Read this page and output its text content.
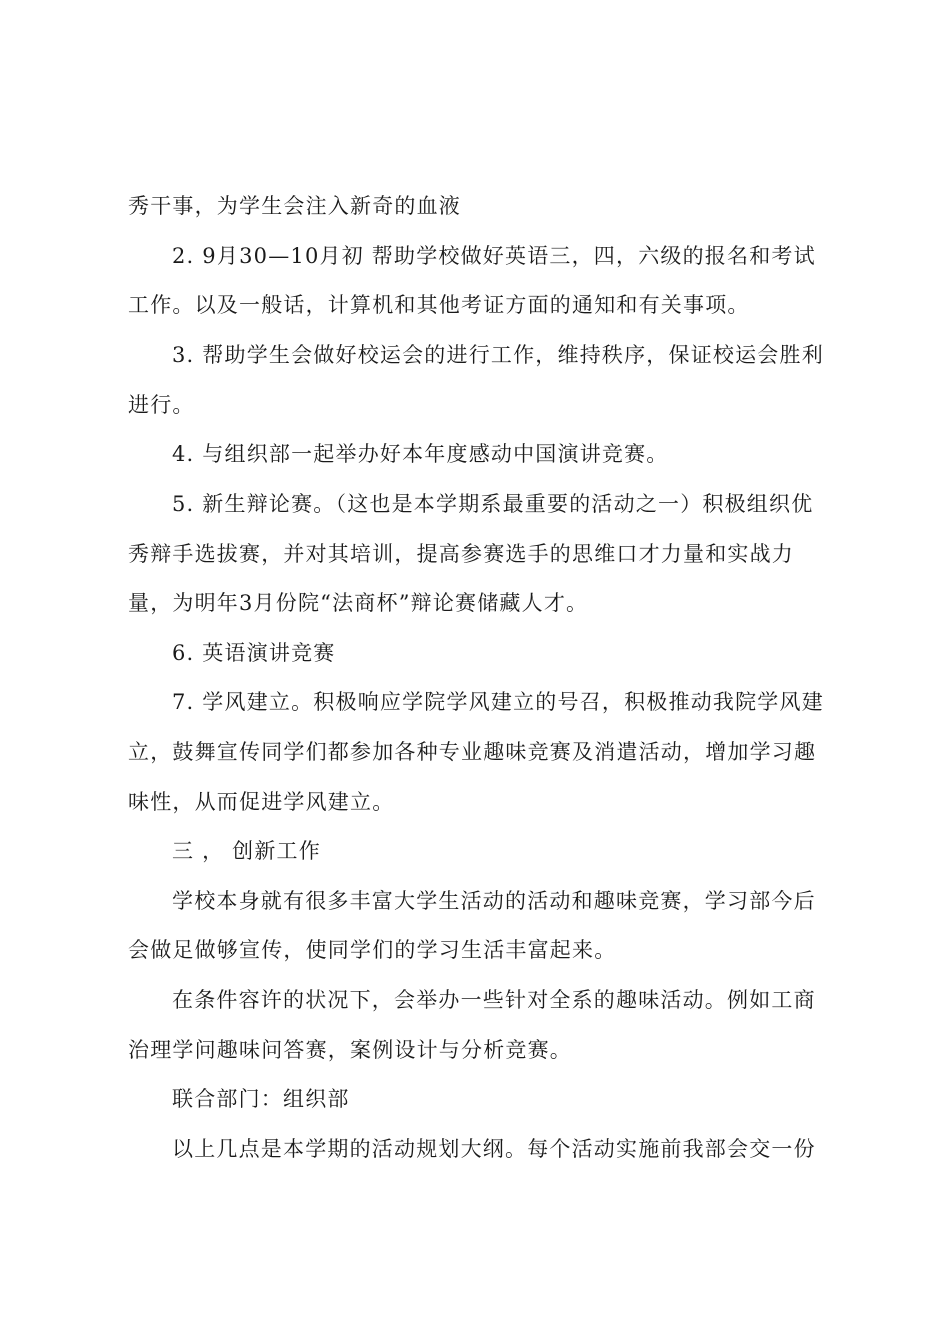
秀干事，为学生会注入新奇的血液
2. 9月30—10月初 帮助学校做好英语三，四，六级的报名和考试
工作。以及一般话，计算机和其他考证方面的通知和有关事项。
3. 帮助学生会做好校运会的进行工作，维持秩序，保证校运会胜利
进行。
4. 与组织部一起举办好本年度感动中国演讲竞赛。
5. 新生辩论赛。（这也是本学期系最重要的活动之一）积极组织优
秀辩手选拔赛，并对其培训，提高参赛选手的思维口才力量和实战力
量，为明年3月份院“法商杯”辩论赛储藏人才。
6. 英语演讲竞赛
7. 学风建立。积极响应学院学风建立的号召，积极推动我院学风建
立，鼓舞宣传同学们都参加各种专业趣味竞赛及消遣活动，增加学习趣
味性，从而促进学风建立。
三 ， 创新工作
学校本身就有很多丰富大学生活动的活动和趣味竞赛，学习部今后
会做足做够宣传，使同学们的学习生活丰富起来。
在条件容许的状况下，会举办一些针对全系的趣味活动。例如工商
治理学问趣味问答赛，案例设计与分析竞赛。
联合部门：组织部
以上几点是本学期的活动规划大纲。每个活动实施前我部会交一份
